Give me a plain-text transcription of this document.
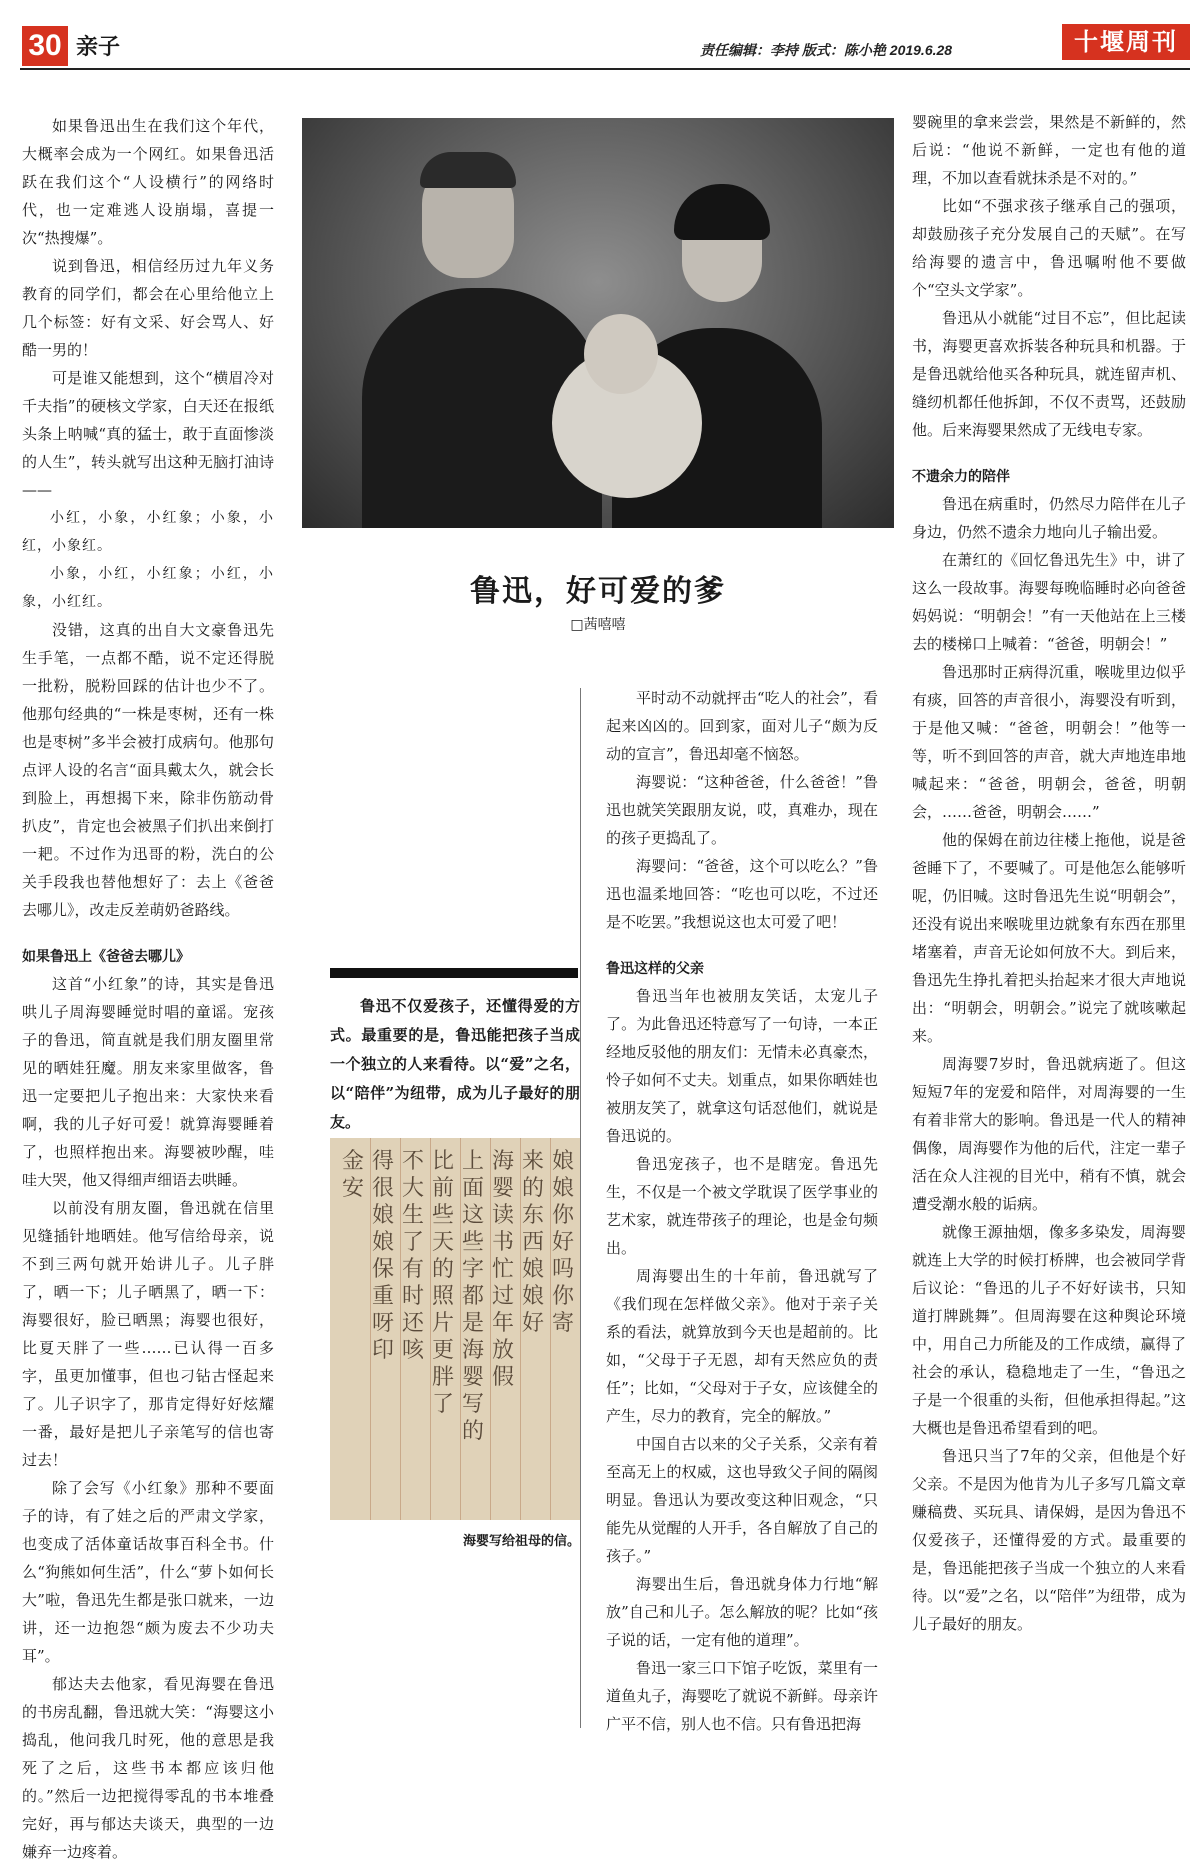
30 亲子	责任编辑：李持 版式：陈小艳 2019.6.28	十堰周刊

如果鲁迅出生在我们这个年代，大概率会成为一个网红。如果鲁迅活跃在我们这个“人设横行”的网络时代，也一定难逃人设崩塌，喜提一次“热搜爆”。

说到鲁迅，相信经历过九年义务教育的同学们，都会在心里给他立上几个标签：好有文采、好会骂人、好酷一男的！

可是谁又能想到，这个“横眉冷对千夫指”的硬核文学家，白天还在报纸头条上呐喊“真的猛士，敢于直面惨淡的人生”，转头就写出这种无脑打油诗——

小红，小象，小红象；小象，小红，小象红。

小象，小红，小红象；小红，小象，小红红。

没错，这真的出自大文豪鲁迅先生手笔，一点都不酷，说不定还得脱一批粉，脱粉回踩的估计也少不了。他那句经典的“一株是枣树，还有一株也是枣树”多半会被打成病句。他那句点评人设的名言“面具戴太久，就会长到脸上，再想揭下来，除非伤筋动骨扒皮”，肯定也会被黑子们扒出来倒打一耙。不过作为迅哥的粉，洗白的公关手段我也替他想好了：去上《爸爸去哪儿》，改走反差萌奶爸路线。

如果鲁迅上《爸爸去哪儿》

这首“小红象”的诗，其实是鲁迅哄儿子周海婴睡觉时唱的童谣。宠孩子的鲁迅，简直就是我们朋友圈里常见的晒娃狂魔。朋友来家里做客，鲁迅一定要把儿子抱出来：大家快来看啊，我的儿子好可爱！就算海婴睡着了，也照样抱出来。海婴被吵醒，哇哇大哭，他又得细声细语去哄睡。

以前没有朋友圈，鲁迅就在信里见缝插针地晒娃。他写信给母亲，说不到三两句就开始讲儿子。儿子胖了，晒一下；儿子晒黑了，晒一下：海婴很好，脸已晒黑；海婴也很好，比夏天胖了一些……已认得一百多字，虽更加懂事，但也刁钻古怪起来了。儿子识字了，那肯定得好好炫耀一番，最好是把儿子亲笔写的信也寄过去！

除了会写《小红象》那种不要面子的诗，有了娃之后的严肃文学家，也变成了活体童话故事百科全书。什么“狗熊如何生活”，什么“萝卜如何长大”啦，鲁迅先生都是张口就来，一边讲，还一边抱怨“颇为废去不少功夫耳”。

郁达夫去他家，看见海婴在鲁迅的书房乱翻，鲁迅就大笑：“海婴这小捣乱，他问我几时死，他的意思是我死了之后，这些书本都应该归他的。”然后一边把搅得零乱的书本堆叠完好，再与郁达夫谈天，典型的一边嫌弃一边疼着。

鲁迅，好可爱的爹
□茜嘻嘻
鲁迅不仅爱孩子，还懂得爱的方式。最重要的是，鲁迅能把孩子当成一个独立的人来看待。以“爱”之名，以“陪伴”为纽带，成为儿子最好的朋友。
娘娘你好吗你寄
来的东西娘娘好
海婴读书忙过年放假
上面这些字都是海婴写的
比前些天的照片更胖了
不大生了有时还咳
得很娘娘保重呀印
金安
海婴写给祖母的信。

平时动不动就抨击“吃人的社会”，看起来凶凶的。回到家，面对儿子“颇为反动的宣言”，鲁迅却毫不恼怒。

海婴说：“这种爸爸，什么爸爸！”鲁迅也就笑笑跟朋友说，哎，真难办，现在的孩子更捣乱了。

海婴问：“爸爸，这个可以吃么？”鲁迅也温柔地回答：“吃也可以吃，不过还是不吃罢。”我想说这也太可爱了吧！

鲁迅这样的父亲

鲁迅当年也被朋友笑话，太宠儿子了。为此鲁迅还特意写了一句诗，一本正经地反驳他的朋友们：无情未必真豪杰，怜子如何不丈夫。划重点，如果你晒娃也被朋友笑了，就拿这句话怼他们，就说是鲁迅说的。

鲁迅宠孩子，也不是瞎宠。鲁迅先生，不仅是一个被文学耽误了医学事业的艺术家，就连带孩子的理论，也是金句频出。

周海婴出生的十年前，鲁迅就写了《我们现在怎样做父亲》。他对于亲子关系的看法，就算放到今天也是超前的。比如，“父母于子无恩，却有天然应负的责任”；比如，“父母对于子女，应该健全的产生，尽力的教育，完全的解放。”

中国自古以来的父子关系，父亲有着至高无上的权威，这也导致父子间的隔阂明显。鲁迅认为要改变这种旧观念，“只能先从觉醒的人开手，各自解放了自己的孩子。”

海婴出生后，鲁迅就身体力行地“解放”自己和儿子。怎么解放的呢？比如“孩子说的话，一定有他的道理”。

鲁迅一家三口下馆子吃饭，菜里有一道鱼丸子，海婴吃了就说不新鲜。母亲许广平不信，别人也不信。只有鲁迅把海

婴碗里的拿来尝尝，果然是不新鲜的，然后说：“他说不新鲜，一定也有他的道理，不加以查看就抹杀是不对的。”

比如“不强求孩子继承自己的强项，却鼓励孩子充分发展自己的天赋”。在写给海婴的遗言中，鲁迅嘱咐他不要做个“空头文学家”。

鲁迅从小就能“过目不忘”，但比起读书，海婴更喜欢拆装各种玩具和机器。于是鲁迅就给他买各种玩具，就连留声机、缝纫机都任他拆卸，不仅不责骂，还鼓励他。后来海婴果然成了无线电专家。

不遗余力的陪伴

鲁迅在病重时，仍然尽力陪伴在儿子身边，仍然不遗余力地向儿子输出爱。

在萧红的《回忆鲁迅先生》中，讲了这么一段故事。海婴每晚临睡时必向爸爸妈妈说：“明朝会！”有一天他站在上三楼去的楼梯口上喊着：“爸爸，明朝会！”

鲁迅那时正病得沉重，喉咙里边似乎有痰，回答的声音很小，海婴没有听到，于是他又喊：“爸爸，明朝会！”他等一等，听不到回答的声音，就大声地连串地喊起来：“爸爸，明朝会，爸爸，明朝会，……爸爸，明朝会……”

他的保姆在前边往楼上拖他，说是爸爸睡下了，不要喊了。可是他怎么能够听呢，仍旧喊。这时鲁迅先生说“明朝会”，还没有说出来喉咙里边就象有东西在那里堵塞着，声音无论如何放不大。到后来，鲁迅先生挣扎着把头抬起来才很大声地说出：“明朝会，明朝会。”说完了就咳嗽起来。

周海婴7岁时，鲁迅就病逝了。但这短短7年的宠爱和陪伴，对周海婴的一生有着非常大的影响。鲁迅是一代人的精神偶像，周海婴作为他的后代，注定一辈子活在众人注视的目光中，稍有不慎，就会遭受潮水般的诟病。

就像王源抽烟，像多多染发，周海婴就连上大学的时候打桥牌，也会被同学背后议论：“鲁迅的儿子不好好读书，只知道打牌跳舞”。但周海婴在这种舆论环境中，用自己力所能及的工作成绩，赢得了社会的承认，稳稳地走了一生，“鲁迅之子是一个很重的头衔，但他承担得起。”这大概也是鲁迅希望看到的吧。

鲁迅只当了7年的父亲，但他是个好父亲。不是因为他肯为儿子多写几篇文章赚稿费、买玩具、请保姆，是因为鲁迅不仅爱孩子，还懂得爱的方式。最重要的是，鲁迅能把孩子当成一个独立的人来看待。以“爱”之名，以“陪伴”为纽带，成为儿子最好的朋友。
